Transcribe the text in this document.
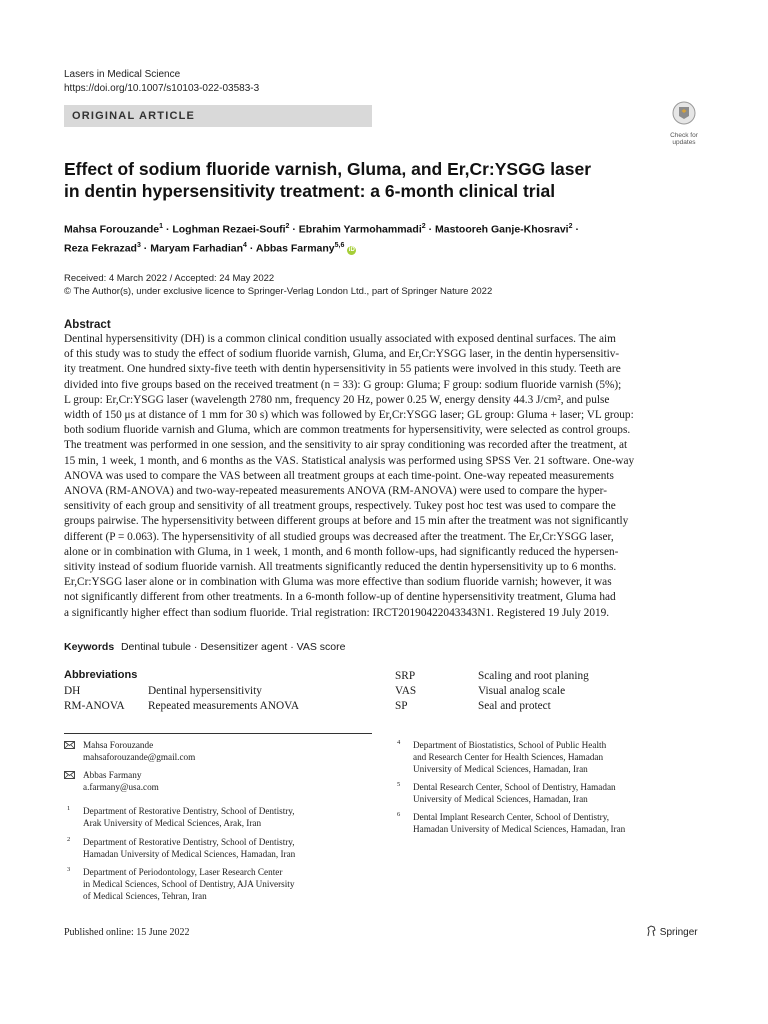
Lasers in Medical Science
https://doi.org/10.1007/s10103-022-03583-3
ORIGINAL ARTICLE
Check for
updates
Effect of sodium fluoride varnish, Gluma, and Er,Cr:YSGG laser
in dentin hypersensitivity treatment: a 6-month clinical trial
Mahsa Forouzande$^1$ · Loghman Rezaei-Soufi$^2$ · Ebrahim Yarmohammadi$^2$ · Mastooreh Ganje-Khosravi$^2$ ·
Reza Fekrazad$^3$ · Maryam Farhadian$^4$ · Abbas Farmany$^{5,6}$ iD
Received: 4 March 2022 / Accepted: 24 May 2022
© The Author(s), under exclusive licence to Springer-Verlag London Ltd., part of Springer Nature 2022
Abstract
Dentinal hypersensitivity (DH) is a common clinical condition usually associated with exposed dentinal surfaces. The aim
of this study was to study the effect of sodium fluoride varnish, Gluma, and Er,Cr:YSGG laser, in the dentin hypersensitiv-
ity treatment. One hundred sixty-five teeth with dentin hypersensitivity in 55 patients were involved in this study. Teeth are
divided into five groups based on the received treatment (n = 33): G group: Gluma; F group: sodium fluoride varnish (5%);
L group: Er,Cr:YSGG laser (wavelength 2780 nm, frequency 20 Hz, power 0.25 W, energy density 44.3 J/cm², and pulse
width of 150 μs at distance of 1 mm for 30 s) which was followed by Er,Cr:YSGG laser; GL group: Gluma + laser; VL group:
both sodium fluoride varnish and Gluma, which are common treatments for hypersensitivity, were selected as control groups.
The treatment was performed in one session, and the sensitivity to air spray conditioning was recorded after the treatment, at
15 min, 1 week, 1 month, and 6 months as the VAS. Statistical analysis was performed using SPSS Ver. 21 software. One-way
ANOVA was used to compare the VAS between all treatment groups at each time-point. One-way repeated measurements
ANOVA (RM-ANOVA) and two-way-repeated measurements ANOVA (RM-ANOVA) were used to compare the hyper-
sensitivity of each group and sensitivity of all treatment groups, respectively. Tukey post hoc test was used to compare the
groups pairwise. The hypersensitivity between different groups at before and 15 min after the treatment was not significantly
different (P = 0.063). The hypersensitivity of all studied groups was decreased after the treatment. The Er,Cr:YSGG laser,
alone or in combination with Gluma, in 1 week, 1 month, and 6 month follow-ups, had significantly reduced the hypersen-
sitivity instead of sodium fluoride varnish. All treatments significantly reduced the dentin hypersensitivity up to 6 months.
Er,Cr:YSGG laser alone or in combination with Gluma was more effective than sodium fluoride varnish; however, it was
not significantly different from other treatments. In a 6-month follow-up of dentine hypersensitivity treatment, Gluma had
a significantly higher effect than sodium fluoride. Trial registration: IRCT20190422043343N1. Registered 19 July 2019.
Keywords Dentinal tubule · Desensitizer agent · VAS score
Abbreviations
DH	Dentinal hypersensitivity
RM-ANOVA Repeated measurements ANOVA
SRP	Scaling and root planing
VAS	Visual analog scale
SP	Seal and protect
Mahsa Forouzande
mahsaforouzande@gmail.com
Abbas Farmany
a.farmany@usa.com
1 Department of Restorative Dentistry, School of Dentistry,
Arak University of Medical Sciences, Arak, Iran
2 Department of Restorative Dentistry, School of Dentistry,
Hamadan University of Medical Sciences, Hamadan, Iran
3 Department of Periodontology, Laser Research Center
in Medical Sciences, School of Dentistry, AJA University
of Medical Sciences, Tehran, Iran
4 Department of Biostatistics, School of Public Health
and Research Center for Health Sciences, Hamadan
University of Medical Sciences, Hamadan, Iran
5 Dental Research Center, School of Dentistry, Hamadan
University of Medical Sciences, Hamadan, Iran
6 Dental Implant Research Center, School of Dentistry,
Hamadan University of Medical Sciences, Hamadan, Iran
Published online: 15 June 2022	Springer
